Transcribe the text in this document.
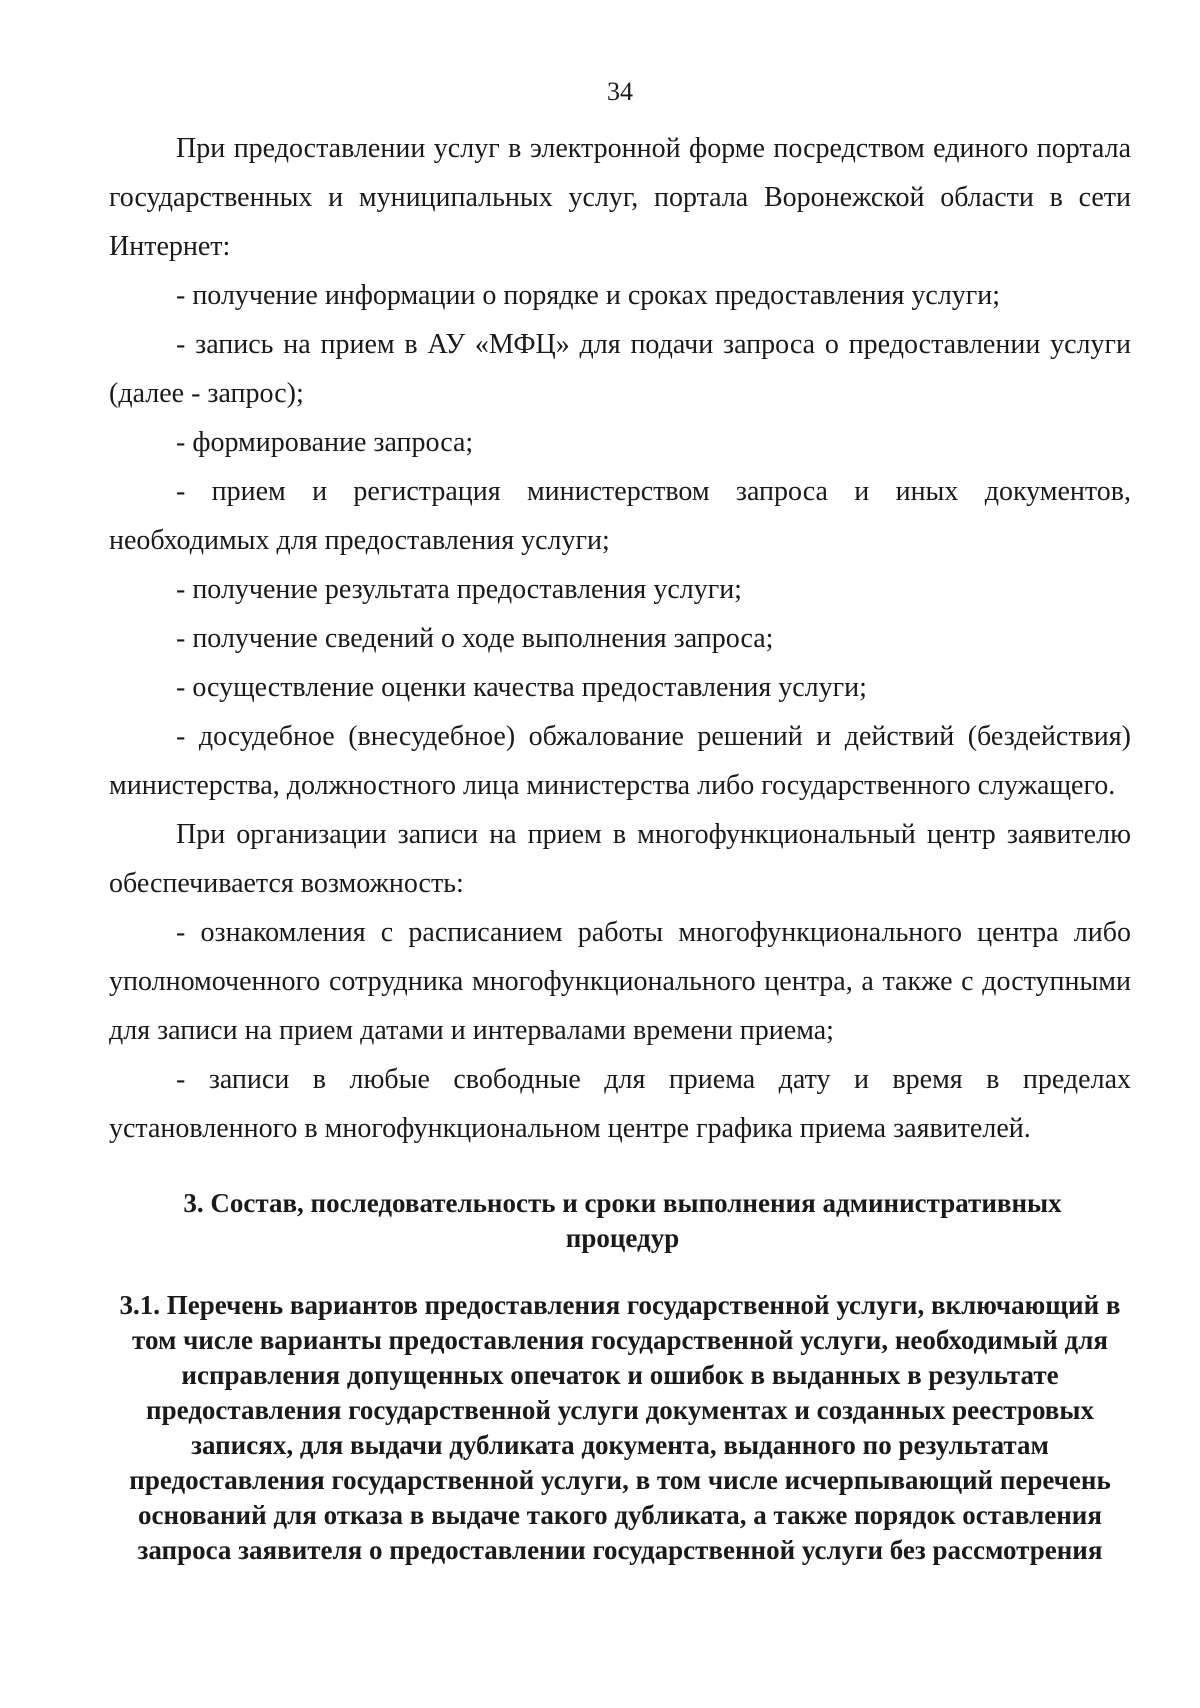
34

При предоставлении услуг в электронной форме посредством единого портала государственных и муниципальных услуг, портала Воронежской области в сети Интернет:

- получение информации о порядке и сроках предоставления услуги;

- запись на прием в АУ «МФЦ» для подачи запроса о предоставлении услуги (далее - запрос);

- формирование запроса;

- прием и регистрация министерством запроса и иных документов, необходимых для предоставления услуги;

- получение результата предоставления услуги;

- получение сведений о ходе выполнения запроса;

- осуществление оценки качества предоставления услуги;

- досудебное (внесудебное) обжалование решений и действий (бездействия) министерства, должностного лица министерства либо государственного служащего.

При организации записи на прием в многофункциональный центр заявителю обеспечивается возможность:

- ознакомления с расписанием работы многофункционального центра либо уполномоченного сотрудника многофункционального центра, а также с доступными для записи на прием датами и интервалами времени приема;

- записи в любые свободные для приема дату и время в пределах установленного в многофункциональном центре графика приема заявителей.

3. Состав, последовательность и сроки выполнения административных процедур
3.1. Перечень вариантов предоставления государственной услуги, включающий в том числе варианты предоставления государственной услуги, необходимый для исправления допущенных опечаток и ошибок в выданных в результате предоставления государственной услуги документах и созданных реестровых записях, для выдачи дубликата документа, выданного по результатам предоставления государственной услуги, в том числе исчерпывающий перечень оснований для отказа в выдаче такого дубликата, а также порядок оставления запроса заявителя о предоставлении государственной услуги без рассмотрения
